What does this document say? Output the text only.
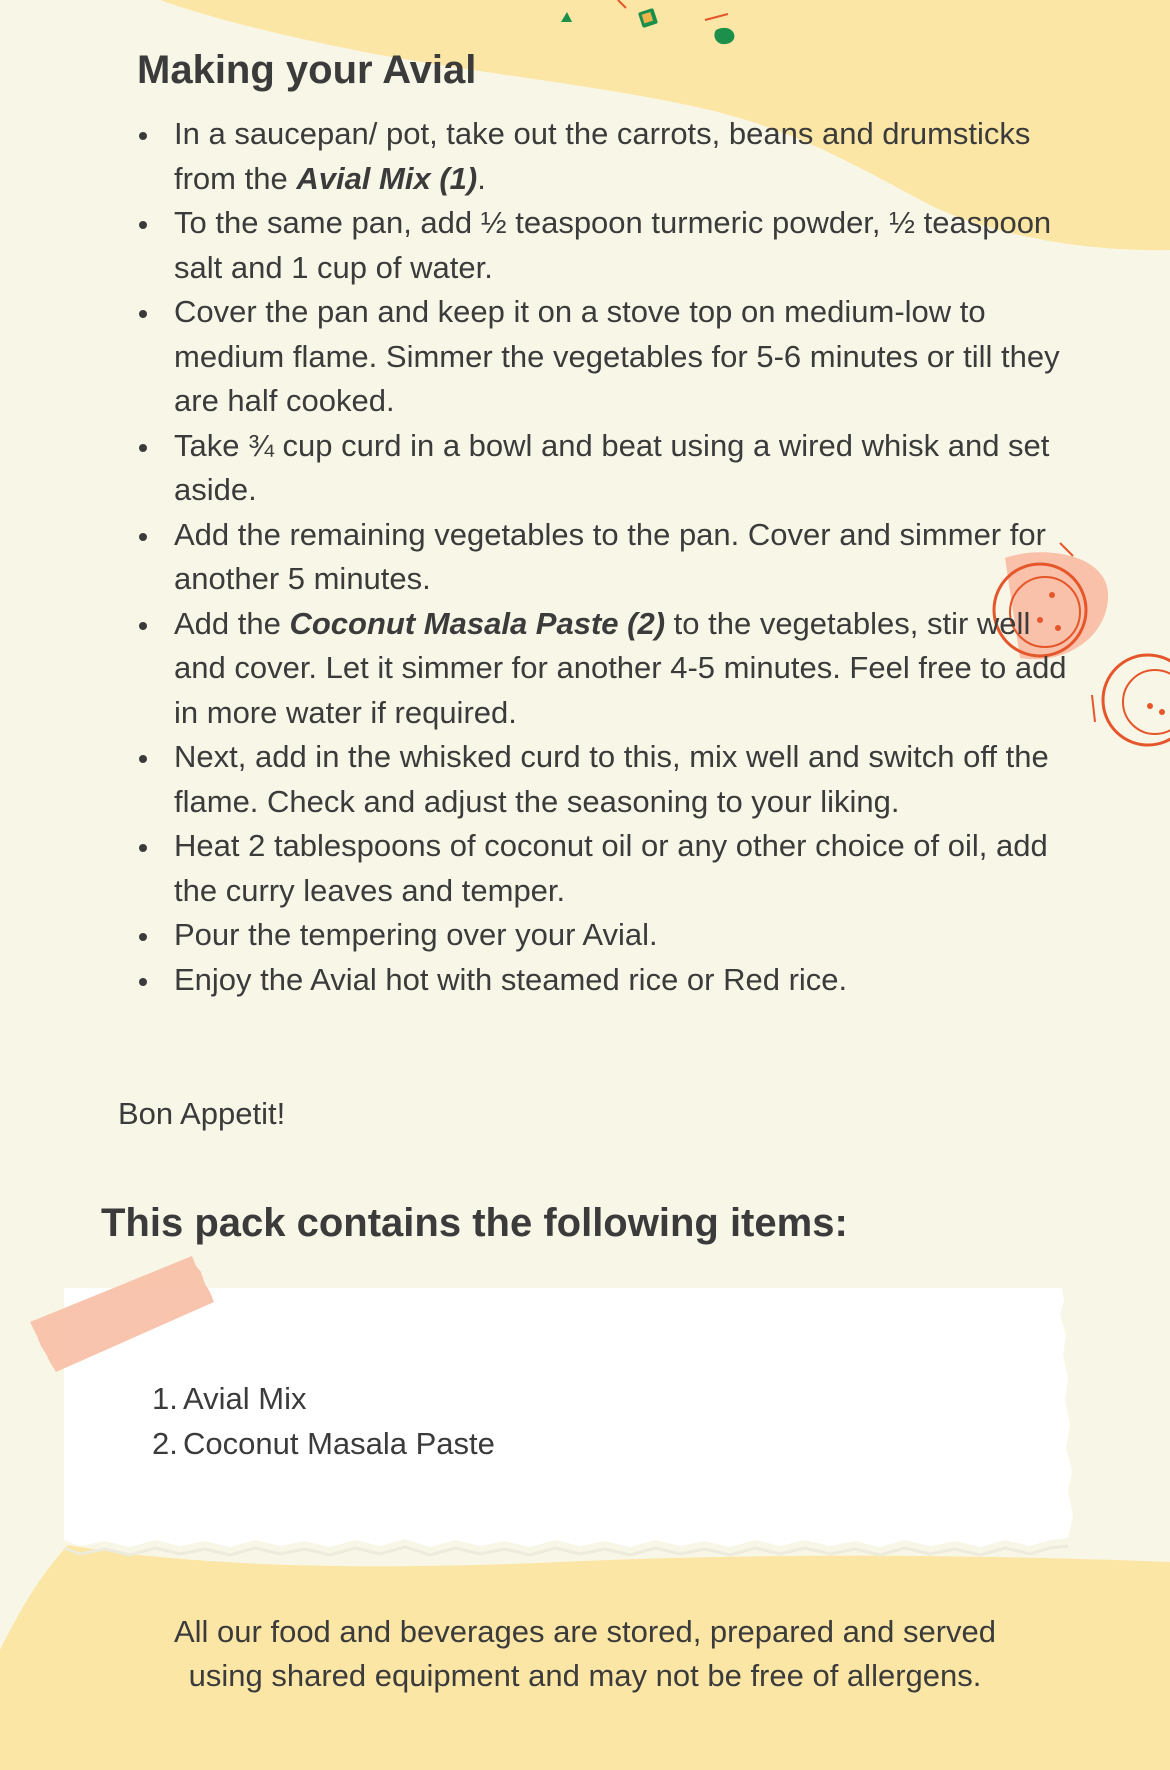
Making your Avial
In a saucepan/ pot, take out the carrots, beans and drumsticks from the Avial Mix (1).
To the same pan, add ½ teaspoon turmeric powder, ½ teaspoon salt and 1 cup of water.
Cover the pan and keep it on a stove top on medium-low to medium flame. Simmer the vegetables for 5-6 minutes or till they are half cooked.
Take ¾ cup curd in a bowl and beat using a wired whisk and set aside.
Add the remaining vegetables to the pan. Cover and simmer for another 5 minutes.
Add the Coconut Masala Paste (2) to the vegetables, stir well and cover. Let it simmer for another 4-5 minutes. Feel free to add in more water if required.
Next, add in the whisked curd to this, mix well and switch off the flame. Check and adjust the seasoning to your liking.
Heat 2 tablespoons of coconut oil or any other choice of oil, add the curry leaves and temper.
Pour the tempering over your Avial.
Enjoy the Avial hot with steamed rice or Red rice.

Bon Appetit!

This pack contains the following items:
1. Avial Mix
2. Coconut Masala Paste
All our food and beverages are stored, prepared and served
using shared equipment and may not be free of allergens.
